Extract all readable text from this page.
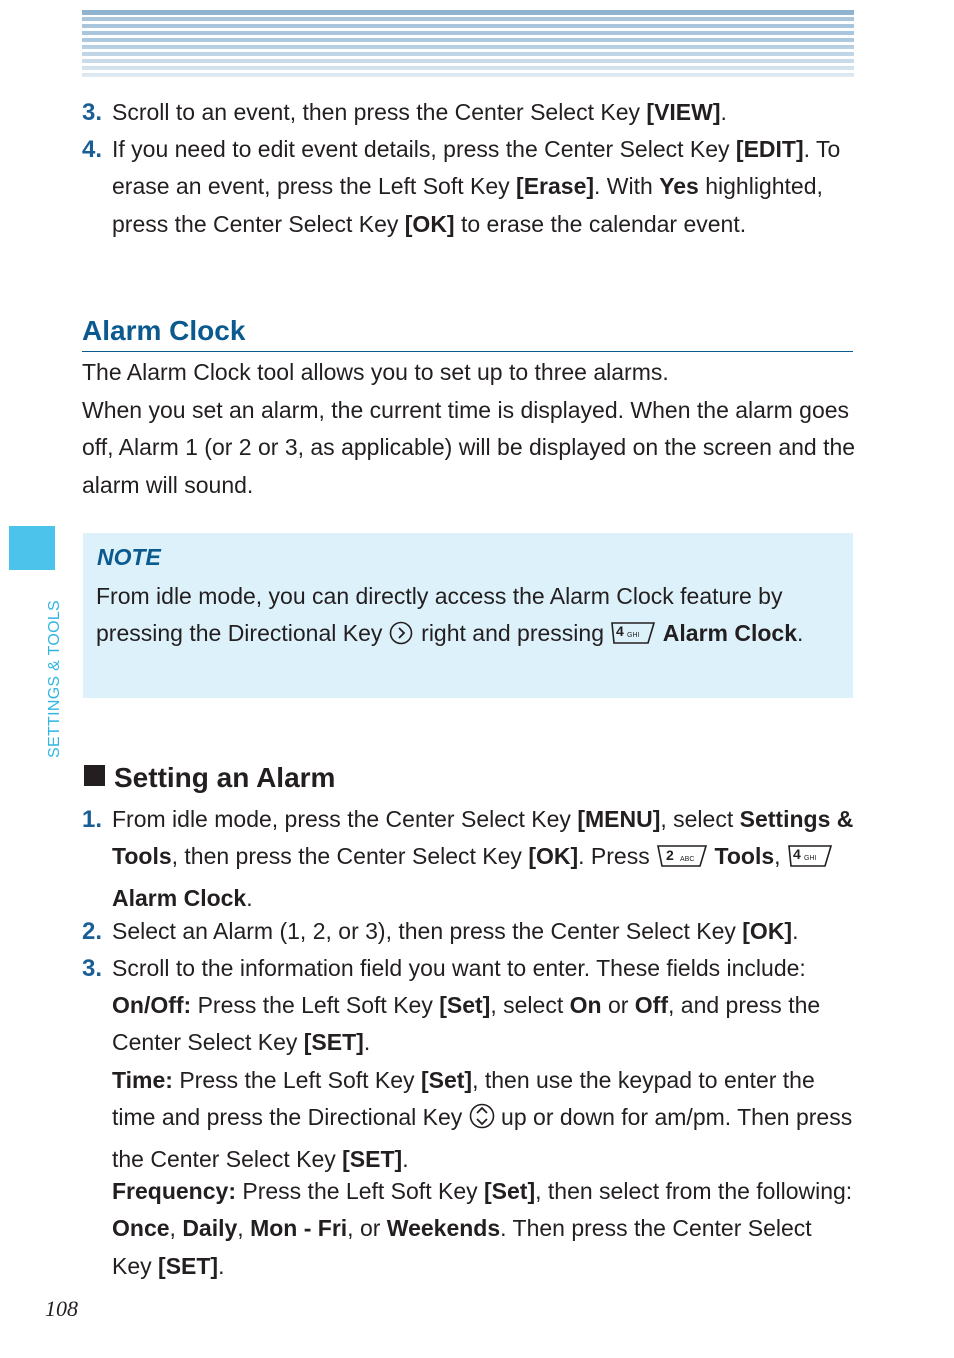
3. Scroll to an event, then press the Center Select Key [VIEW].

4. If you need to edit event details, press the Center Select Key [EDIT]. To erase an event, press the Left Soft Key [Erase]. With Yes highlighted, press the Center Select Key [OK] to erase the calendar event.

Alarm Clock

The Alarm Clock tool allows you to set up to three alarms.

When you set an alarm, the current time is displayed. When the alarm goes off, Alarm 1 (or 2 or 3, as applicable) will be displayed on the screen and the alarm will sound.

SETTINGS & TOOLS
NOTE

From idle mode, you can directly access the Alarm Clock feature by pressing the Directional Key  right and pressing 4 GHI Alarm Clock.

Setting an Alarm
1. From idle mode, press the Center Select Key [MENU], select Settings & Tools, then press the Center Select Key [OK]. Press 2 ABC Tools, 4 GHI
Alarm Clock.

2. Select an Alarm (1, 2, or 3), then press the Center Select Key [OK].

3. Scroll to the information field you want to enter. These fields include:

On/Off: Press the Left Soft Key [Set], select On or Off, and press the Center Select Key [SET].

Time: Press the Left Soft Key [Set], then use the keypad to enter the time and press the Directional Key  up or down for am/pm. Then press the Center Select Key [SET].

Frequency: Press the Left Soft Key [Set], then select from the following: Once, Daily, Mon - Fri, or Weekends. Then press the Center Select Key [SET].

108
